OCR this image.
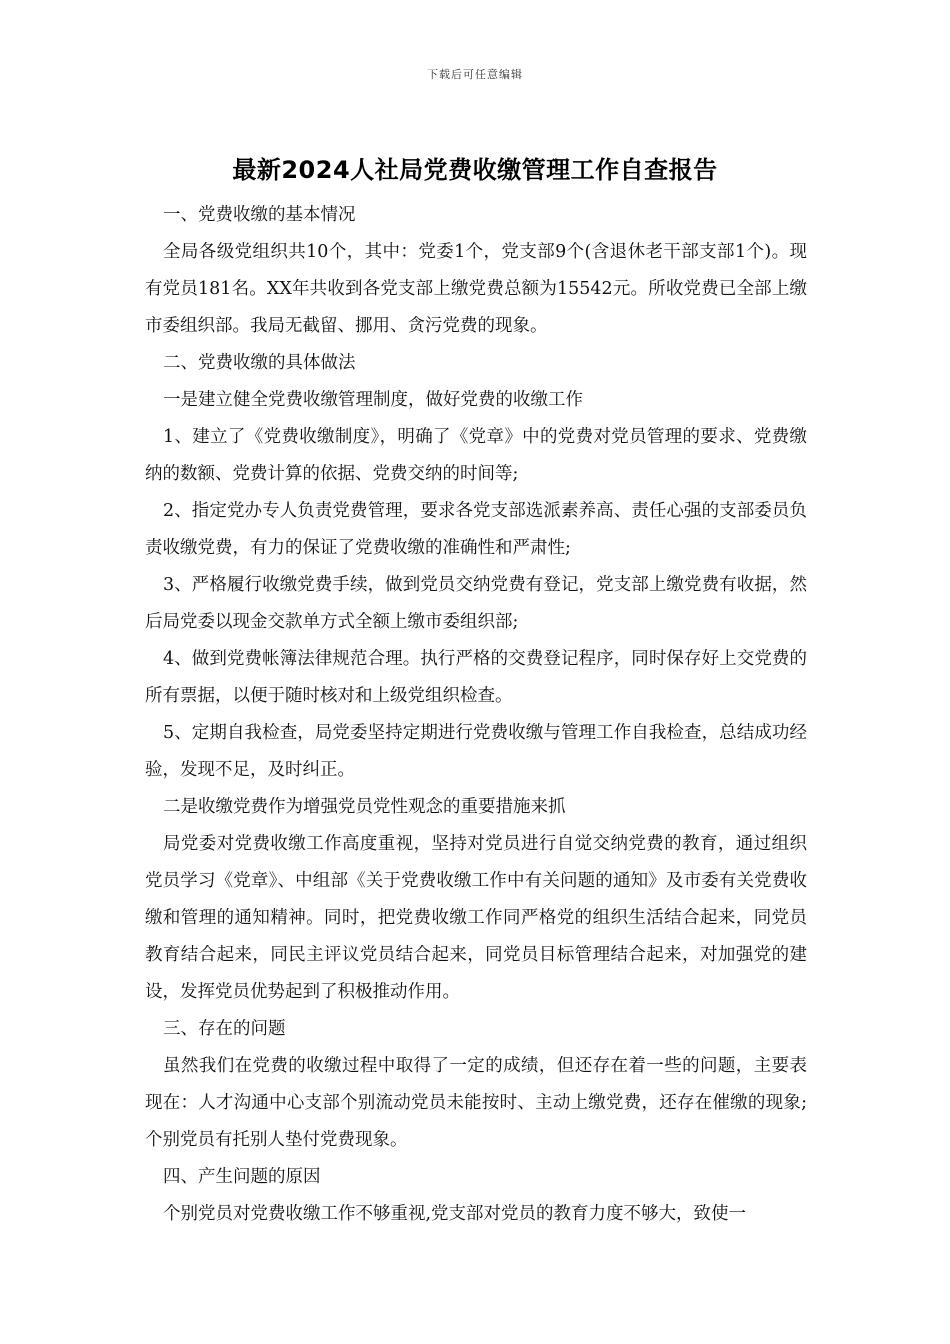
下载后可任意编辑
最新2024人社局党费收缴管理工作自查报告

一、党费收缴的基本情况

全局各级党组织共10个，其中：党委1个，党支部9个(含退休老干部支部1个)。现有党员181名。XX年共收到各党支部上缴党费总额为15542元。所收党费已全部上缴市委组织部。我局无截留、挪用、贪污党费的现象。

二、党费收缴的具体做法

一是建立健全党费收缴管理制度，做好党费的收缴工作

1、建立了《党费收缴制度》，明确了《党章》中的党费对党员管理的要求、党费缴纳的数额、党费计算的依据、党费交纳的时间等;

2、指定党办专人负责党费管理，要求各党支部选派素养高、责任心强的支部委员负责收缴党费，有力的保证了党费收缴的准确性和严肃性;

3、严格履行收缴党费手续，做到党员交纳党费有登记，党支部上缴党费有收据，然后局党委以现金交款单方式全额上缴市委组织部;

4、做到党费帐簿法律规范合理。执行严格的交费登记程序，同时保存好上交党费的所有票据，以便于随时核对和上级党组织检查。

5、定期自我检查，局党委坚持定期进行党费收缴与管理工作自我检查，总结成功经验，发现不足，及时纠正。

二是收缴党费作为增强党员党性观念的重要措施来抓

局党委对党费收缴工作高度重视，坚持对党员进行自觉交纳党费的教育，通过组织党员学习《党章》、中组部《关于党费收缴工作中有关问题的通知》及市委有关党费收缴和管理的通知精神。同时，把党费收缴工作同严格党的组织生活结合起来，同党员教育结合起来，同民主评议党员结合起来，同党员目标管理结合起来，对加强党的建设，发挥党员优势起到了积极推动作用。

三、存在的问题

虽然我们在党费的收缴过程中取得了一定的成绩，但还存在着一些的问题，主要表现在：人才沟通中心支部个别流动党员未能按时、主动上缴党费，还存在催缴的现象;个别党员有托别人垫付党费现象。

四、产生问题的原因

个别党员对党费收缴工作不够重视,党支部对党员的教育力度不够大，致使一
